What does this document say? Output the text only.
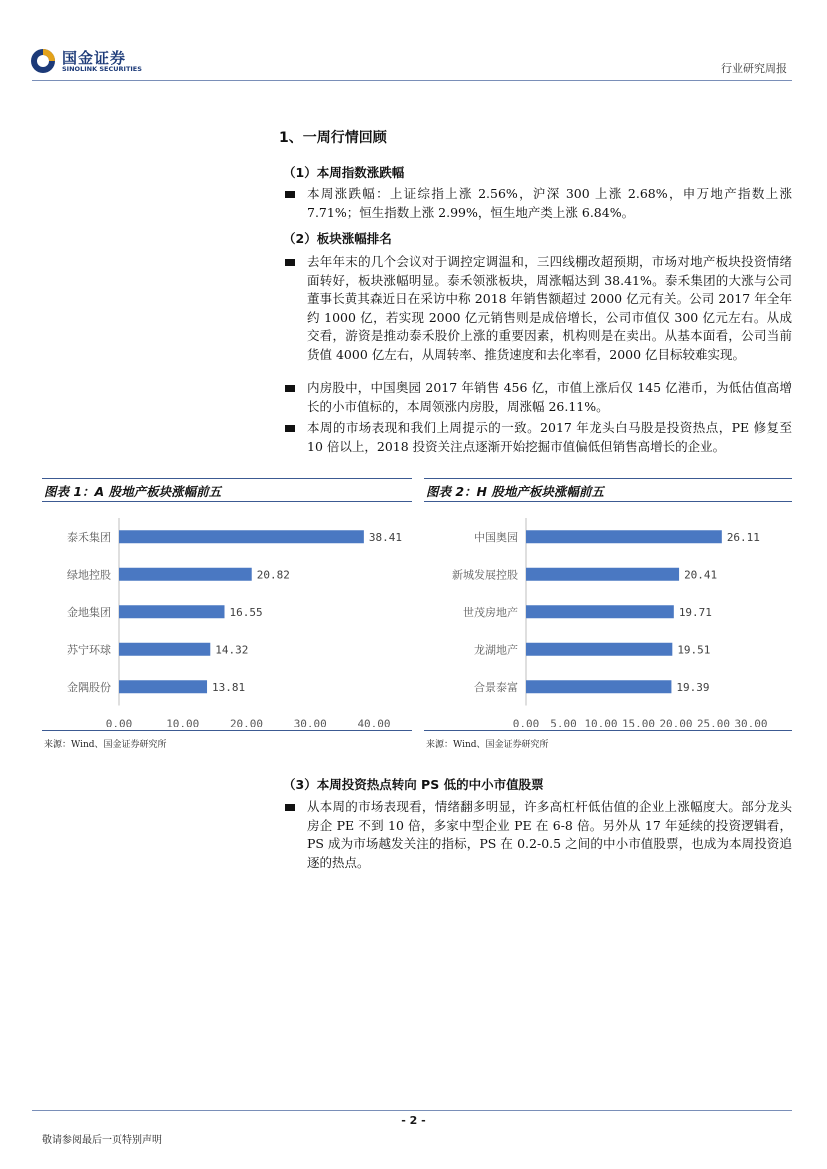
国金证券
SINOLINK SECURITIES	行业研究周报
1、一周行情回顾
（1）本周指数涨跌幅
本周涨跌幅：上证综指上涨 2.56%，沪深 300 上涨 2.68%，申万地产指数上涨 7.71%；恒生指数上涨 2.99%，恒生地产类上涨 6.84%。
（2）板块涨幅排名
去年年末的几个会议对于调控定调温和，三四线棚改超预期，市场对地产板块投资情绪面转好，板块涨幅明显。泰禾领涨板块，周涨幅达到 38.41%。泰禾集团的大涨与公司董事长黄其森近日在采访中称 2018 年销售额超过 2000 亿元有关。公司 2017 年全年约 1000 亿，若实现 2000 亿元销售则是成倍增长，公司市值仅 300 亿元左右。从成交看，游资是推动泰禾股价上涨的重要因素，机构则是在卖出。从基本面看，公司当前货值 4000 亿左右，从周转率、推货速度和去化率看，2000 亿目标较难实现。
内房股中，中国奥园 2017 年销售 456 亿，市值上涨后仅 145 亿港币，为低估值高增长的小市值标的，本周领涨内房股，周涨幅 26.11%。
本周的市场表现和我们上周提示的一致。2017 年龙头白马股是投资热点，PE 修复至 10 倍以上，2018 投资关注点逐渐开始挖掘市值偏低但销售高增长的企业。
图表 1：A 股地产板块涨幅前五
泰禾集团	38.41
绿地控股	20.82
金地集团	16.55
苏宁环球	14.32
金隅股份	13.81
0.00	10.00	20.00	30.00	40.00
来源：Wind、国金证券研究所
图表 2：H 股地产板块涨幅前五
中国奥园	26.11
新城发展控股	20.41
世茂房地产	19.71
龙湖地产	19.51
合景泰富	19.39
0.00 5.00 10.00 15.00 20.00 25.00 30.00
来源：Wind、国金证券研究所
（3）本周投资热点转向 PS 低的中小市值股票
从本周的市场表现看，情绪翻多明显，许多高杠杆低估值的企业上涨幅度大。部分龙头房企 PE 不到 10 倍，多家中型企业 PE 在 6-8 倍。另外从 17 年延续的投资逻辑看，PS 成为市场越发关注的指标，PS 在 0.2-0.5 之间的中小市值股票，也成为本周投资追逐的热点。
- 2 -
敬请参阅最后一页特别声明
